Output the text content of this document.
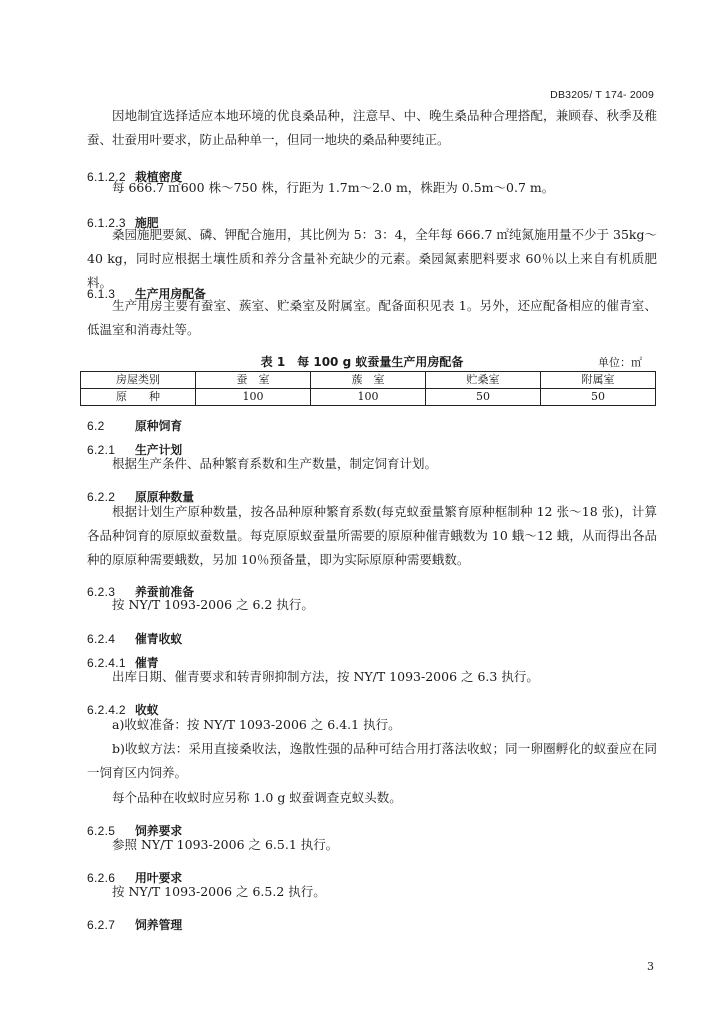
DB3205/ T 174- 2009
因地制宜选择适应本地环境的优良桑品种，注意早、中、晚生桑品种合理搭配，兼顾春、秋季及稚蚕、壮蚕用叶要求，防止品种单一，但同一地块的桑品种要纯正。
6.1.2.2 栽植密度
每 666.7 ㎡600 株～750 株，行距为 1.7m～2.0 m，株距为 0.5m～0.7 m。
6.1.2.3 施肥
桑园施肥要氮、磷、钾配合施用，其比例为 5：3：4，全年每 666.7 ㎡纯氮施用量不少于 35kg～40 kg，同时应根据土壤性质和养分含量补充缺少的元素。桑园氮素肥料要求 60％以上来自有机质肥料。
6.1.3 生产用房配备
生产用房主要有蚕室、蔟室、贮桑室及附属室。配备面积见表 1。另外，还应配备相应的催青室、低温室和消毒灶等。
表 1　每 100 g 蚁蚕量生产用房配备	单位：㎡
房屋类别	蚕　室	蔟　室	贮桑室	附属室
原　　种	100	100	50	50
6.2	原种饲育
6.2.1 生产计划
根据生产条件、品种繁育系数和生产数量，制定饲育计划。
6.2.2 原原种数量
根据计划生产原种数量，按各品种原种繁育系数(每克蚁蚕量繁育原种框制种 12 张～18 张)，计算各品种饲育的原原蚁蚕数量。每克原原蚁蚕量所需要的原原种催青蛾数为 10 蛾～12 蛾，从而得出各品种的原原种需要蛾数，另加 10％预备量，即为实际原原种需要蛾数。
6.2.3 养蚕前准备
按 NY/T 1093-2006 之 6.2 执行。
6.2.4 催青收蚁
6.2.4.1 催青
出库日期、催青要求和转青卵抑制方法，按 NY/T 1093-2006 之 6.3 执行。
6.2.4.2 收蚁
a)收蚁准备：按 NY/T 1093-2006 之 6.4.1 执行。
b)收蚁方法：采用直接桑收法，逸散性强的品种可结合用打落法收蚁；同一卵圈孵化的蚁蚕应在同一饲育区内饲养。
每个品种在收蚁时应另称 1.0 g 蚁蚕调查克蚁头数。
6.2.5 饲养要求
参照 NY/T 1093-2006 之 6.5.1 执行。
6.2.6 用叶要求
按 NY/T 1093-2006 之 6.5.2 执行。
6.2.7 饲养管理
3
